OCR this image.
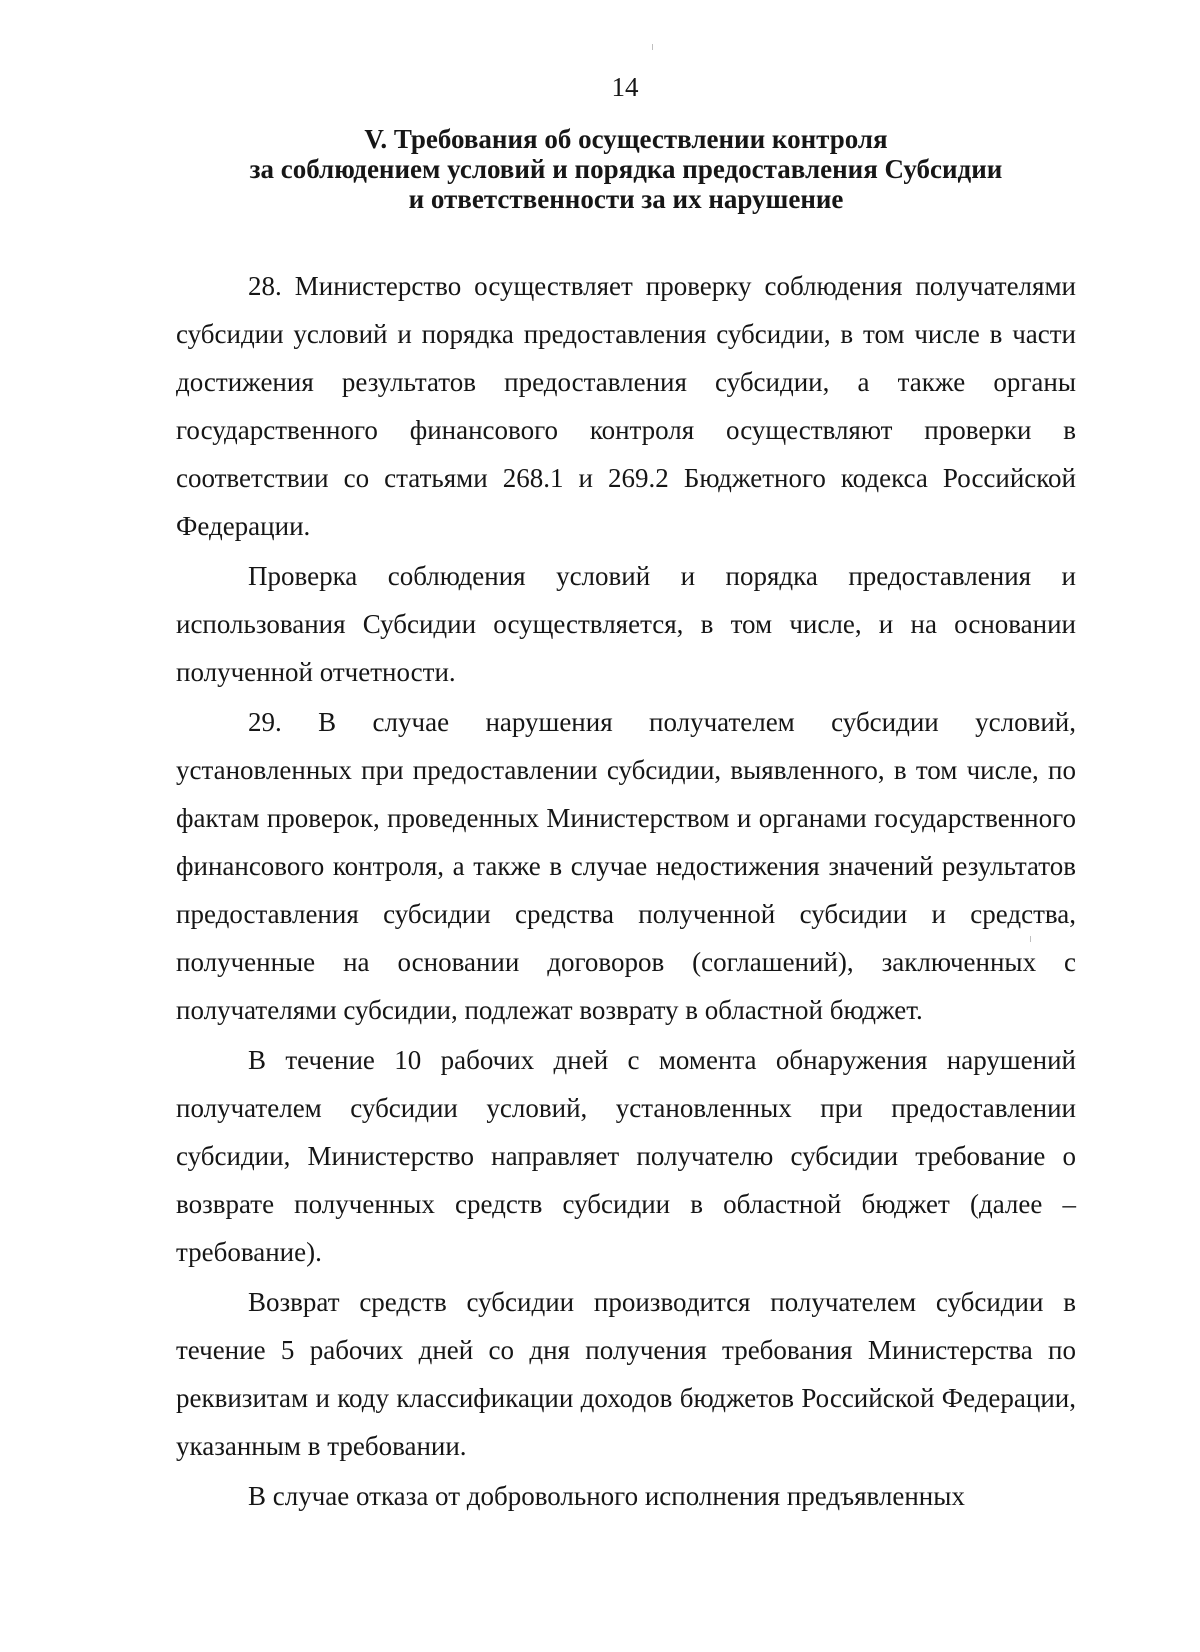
14
V. Требования об осуществлении контроля
за соблюдением условий и порядка предоставления Субсидии
и ответственности за их нарушение

28. Министерство осуществляет проверку соблюдения получателями субсидии условий и порядка предоставления субсидии, в том числе в части достижения результатов предоставления субсидии, а также органы государственного финансового контроля осуществляют проверки в соответствии со статьями 268.1 и 269.2 Бюджетного кодекса Российской Федерации.

Проверка соблюдения условий и порядка предоставления и использования Субсидии осуществляется, в том числе, и на основании полученной отчетности.

29. В случае нарушения получателем субсидии условий, установленных при предоставлении субсидии, выявленного, в том числе, по фактам проверок, проведенных Министерством и органами государственного финансового контроля, а также в случае недостижения значений результатов предоставления субсидии средства полученной субсидии и средства, полученные на основании договоров (соглашений), заключенных с получателями субсидии, подлежат возврату в областной бюджет.

В течение 10 рабочих дней с момента обнаружения нарушений получателем субсидии условий, установленных при предоставлении субсидии, Министерство направляет получателю субсидии требование о возврате полученных средств субсидии в областной бюджет (далее – требование).

Возврат средств субсидии производится получателем субсидии в течение 5 рабочих дней со дня получения требования Министерства по реквизитам и коду классификации доходов бюджетов Российской Федерации, указанным в требовании.

В случае отказа от добровольного исполнения предъявленных
